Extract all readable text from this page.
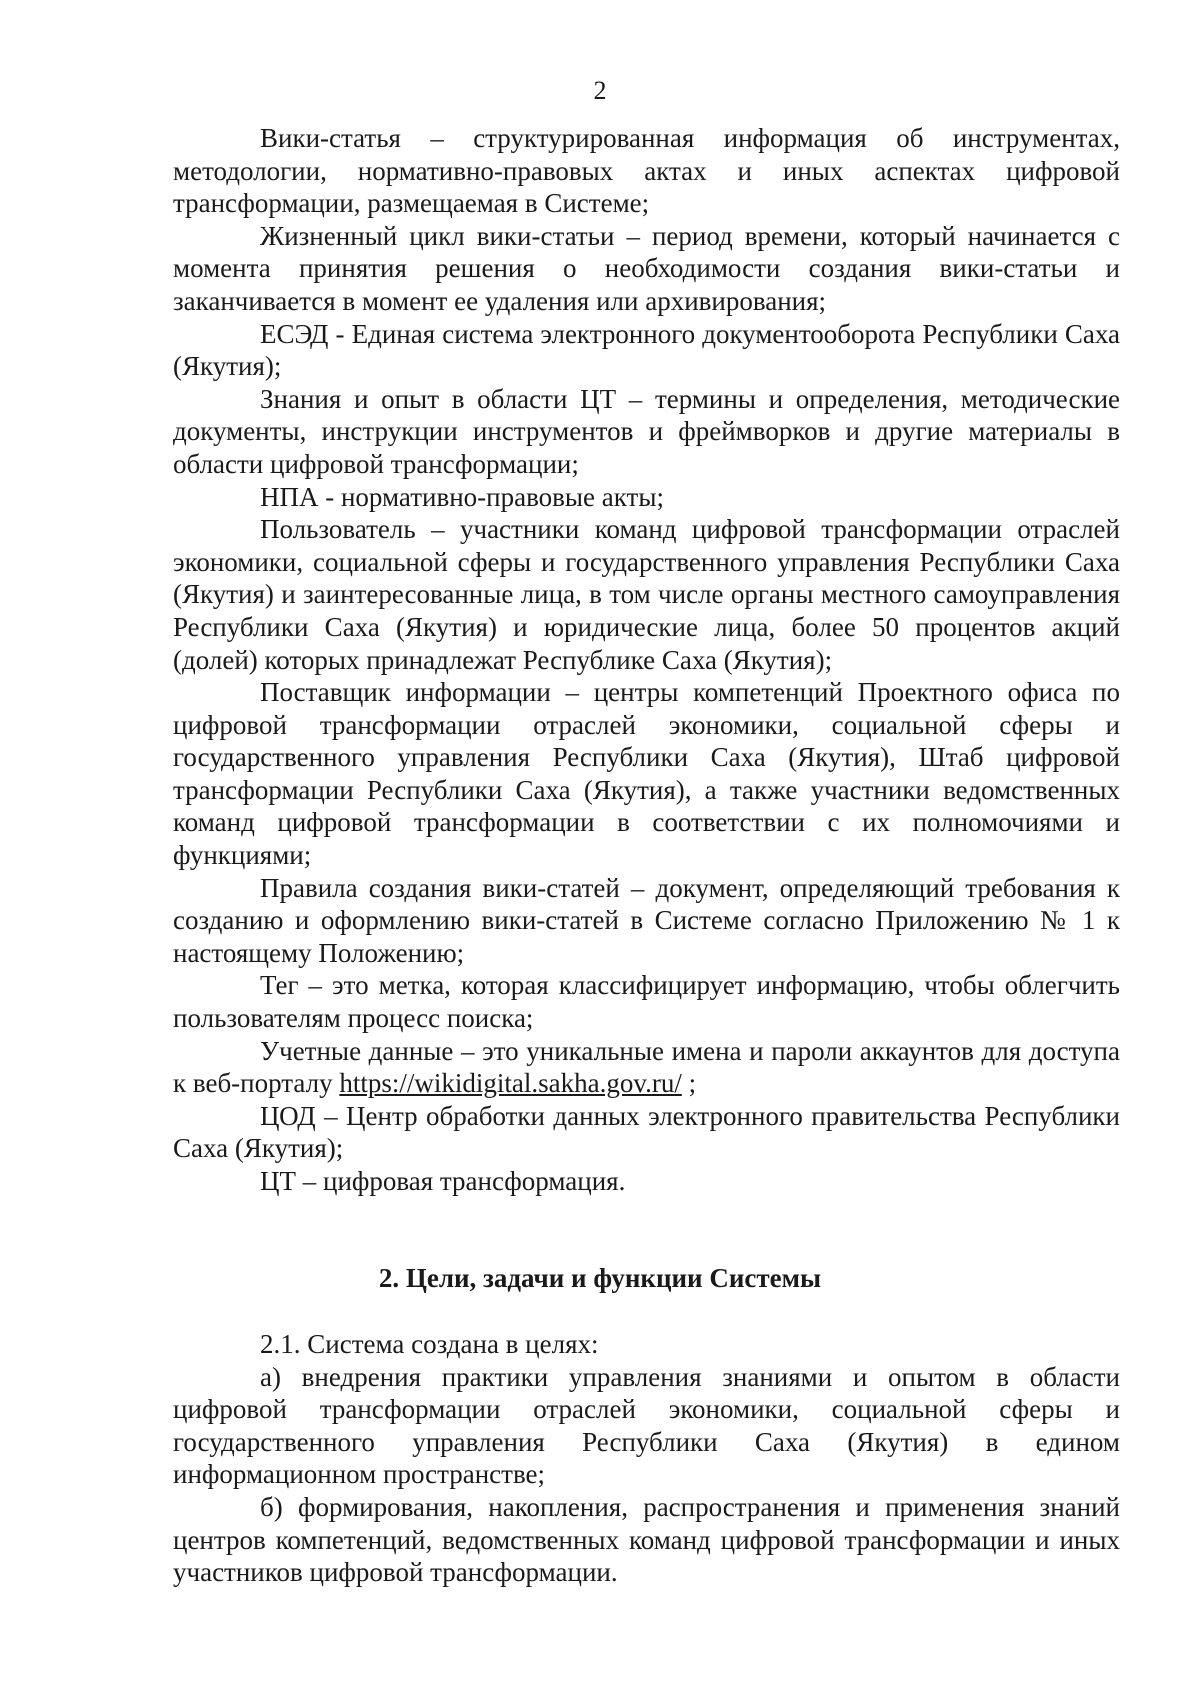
2

Вики-статья – структурированная информация об инструментах, методологии, нормативно-правовых актах и иных аспектах цифровой трансформации, размещаемая в Системе;

Жизненный цикл вики-статьи – период времени, который начинается с момента принятия решения о необходимости создания вики-статьи и заканчивается в момент ее удаления или архивирования;

ЕСЭД - Единая система электронного документооборота Республики Саха (Якутия);

Знания и опыт в области ЦТ – термины и определения, методические документы, инструкции инструментов и фреймворков и другие материалы в области цифровой трансформации;

НПА - нормативно-правовые акты;

Пользователь – участники команд цифровой трансформации отраслей экономики, социальной сферы и государственного управления Республики Саха (Якутия) и заинтересованные лица, в том числе органы местного самоуправления Республики Саха (Якутия) и юридические лица, более 50 процентов акций (долей) которых принадлежат Республике Саха (Якутия);

Поставщик информации – центры компетенций Проектного офиса по цифровой трансформации отраслей экономики, социальной сферы и государственного управления Республики Саха (Якутия), Штаб цифровой трансформации Республики Саха (Якутия), а также участники ведомственных команд цифровой трансформации в соответствии с их полномочиями и функциями;

Правила создания вики-статей – документ, определяющий требования к созданию и оформлению вики-статей в Системе согласно Приложению № 1 к настоящему Положению;

Тег – это метка, которая классифицирует информацию, чтобы облегчить пользователям процесс поиска;

Учетные данные – это уникальные имена и пароли аккаунтов для доступа к веб-порталу https://wikidigital.sakha.gov.ru/ ;

ЦОД – Центр обработки данных электронного правительства Республики Саха (Якутия);

ЦТ – цифровая трансформация.

2. Цели, задачи и функции Системы

2.1. Система создана в целях:

а) внедрения практики управления знаниями и опытом в области цифровой трансформации отраслей экономики, социальной сферы и государственного управления Республики Саха (Якутия) в едином информационном пространстве;

б) формирования, накопления, распространения и применения знаний центров компетенций, ведомственных команд цифровой трансформации и иных участников цифровой трансформации.
